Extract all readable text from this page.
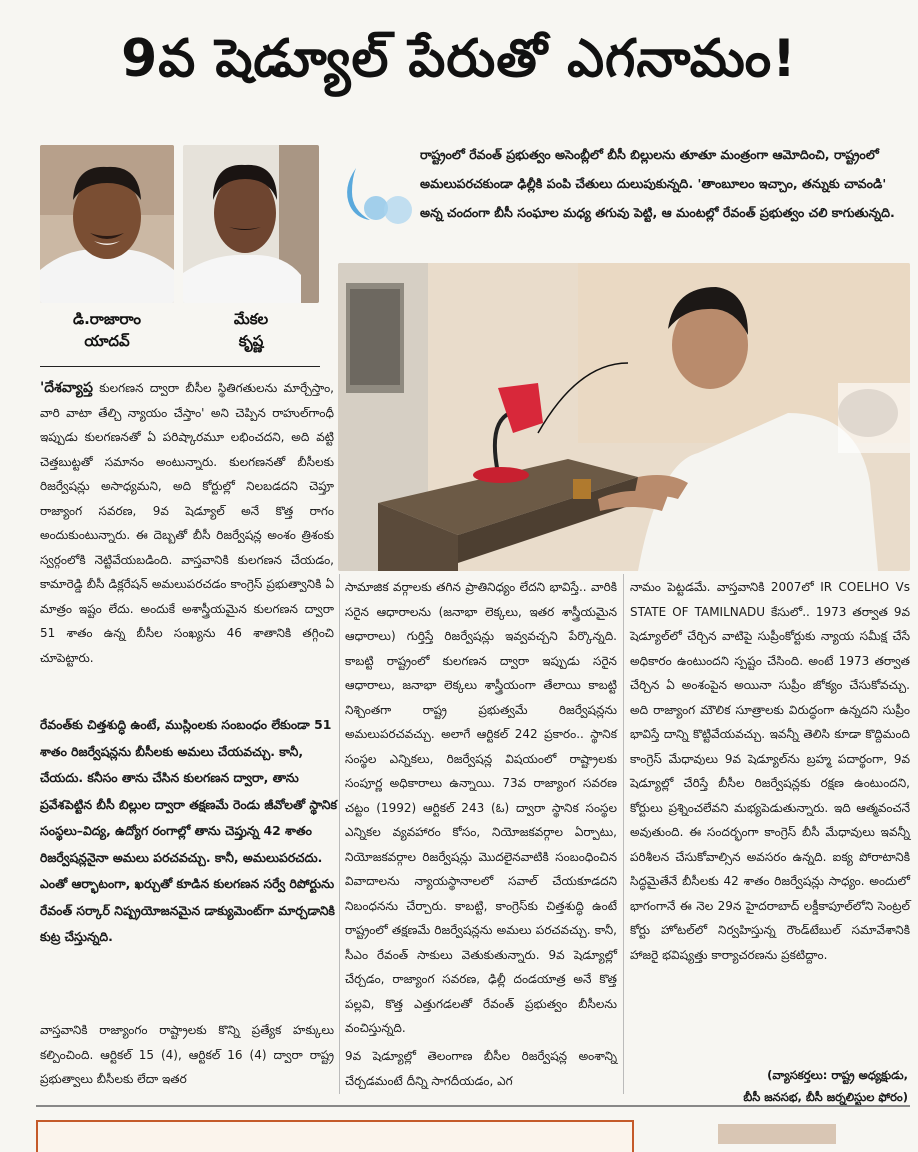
9వ షెడ్యూల్ పేరుతో ఎగనామం!
డి.రాజారాం
యాదవ్
మేకల
కృష్ణ
రాష్ట్రంలో రేవంత్ ప్రభుత్వం అసెంబ్లీలో బీసీ బిల్లులను తూతూ మంత్రంగా ఆమోదించి, రాష్ట్రంలో అమలుపరచకుండా ఢిల్లీకి పంపి చేతులు దులుపుకున్నది. 'తాంబూలం ఇచ్చాం, తన్నుకు చావండి' అన్న చందంగా బీసీ సంఘాల మధ్య తగువు పెట్టి, ఆ మంటల్లో రేవంత్ ప్రభుత్వం చలి కాగుతున్నది.

'దేశవ్యాప్త కులగణన ద్వారా బీసీల స్థితిగతులను మార్చేస్తాం, వారి వాటా తేల్చి న్యాయం చేస్తాం' అని చెప్పిన రాహుల్‌గాంధీ ఇప్పుడు కులగణనతో ఏ పరిష్కారమూ లభించదని, అది వట్టి చెత్తబుట్టతో సమానం అంటున్నారు. కులగణనతో బీసీలకు రిజర్వేషన్లు అసాధ్యమని, అది కోర్టుల్లో నిలబడదని చెప్తూ రాజ్యాంగ సవరణ, 9వ షెడ్యూల్ అనే కొత్త రాగం అందుకుంటున్నారు. ఈ దెబ్బతో బీసీ రిజర్వేషన్ల అంశం త్రిశంకు స్వర్గంలోకి నెట్టివేయబడింది. వాస్తవానికి కులగణన చేయడం, కామారెడ్డి బీసీ డిక్లరేషన్ అమలుపరచడం కాంగ్రెస్ ప్రభుత్వానికి ఏ మాత్రం ఇష్టం లేదు. అందుకే అశాస్త్రీయమైన కులగణన ద్వారా 51 శాతం ఉన్న బీసీల సంఖ్యను 46 శాతానికి తగ్గించి చూపెట్టారు.

రేవంత్‌కు చిత్తశుద్ధి ఉంటే, ముస్లింలకు సంబంధం లేకుండా 51 శాతం రిజర్వేషన్లను బీసీలకు అమలు చేయవచ్చు. కానీ, చేయదు. కనీసం తాను చేసిన కులగణన ద్వారా, తాను ప్రవేశపెట్టిన బీసీ బిల్లుల ద్వారా తక్షణమే రెండు జీవోలతో స్థానిక సంస్థలు–విద్య, ఉద్యోగ రంగాల్లో తాను చెప్తున్న 42 శాతం రిజర్వేషన్లనైనా అమలు పరచవచ్చు. కానీ, అమలుపరచదు. ఎంతో ఆర్భాటంగా, ఖర్చుతో కూడిన కులగణన సర్వే రిపోర్టును రేవంత్ సర్కార్ నిష్ప్రయోజనమైన డాక్యుమెంట్‌గా మార్చడానికి కుట్ర చేస్తున్నది.
వాస్తవానికి రాజ్యాంగం రాష్ట్రాలకు కొన్ని ప్రత్యేక హక్కులు కల్పించింది. ఆర్టికల్ 15 (4), ఆర్టికల్ 16 (4) ద్వారా రాష్ట్ర ప్రభుత్వాలు బీసీలకు లేదా ఇతర
సామాజిక వర్గాలకు తగిన ప్రాతినిధ్యం లేదని భావిస్తే.. వారికి సరైన ఆధారాలను (జనాభా లెక్కలు, ఇతర శాస్త్రీయమైన ఆధారాలు) గుర్తిస్తే రిజర్వేషన్లు ఇవ్వవచ్చని పేర్కొన్నది. కాబట్టి రాష్ట్రంలో కులగణన ద్వారా ఇప్పుడు సరైన ఆధారాలు, జనాభా లెక్కలు శాస్త్రీయంగా తేలాయి కాబట్టి నిశ్చింతగా రాష్ట్ర ప్రభుత్వమే రిజర్వేషన్లను అమలుపరచవచ్చు. అలాగే ఆర్టికల్ 242 ప్రకారం.. స్థానిక సంస్థల ఎన్నికలు, రిజర్వేషన్ల విషయంలో రాష్ట్రాలకు సంపూర్ణ అధికారాలు ఉన్నాయి. 73వ రాజ్యాంగ సవరణ చట్టం (1992) ఆర్టికల్ 243 (ఓ) ద్వారా స్థానిక సంస్థల ఎన్నికల వ్యవహారం కోసం, నియోజకవర్గాల ఏర్పాటు, నియోజకవర్గాల రిజర్వేషన్లు మొదలైనవాటికి సంబంధించిన వివాదాలను న్యాయస్థానాలలో సవాల్ చేయకూడదని నిబంధనను చేర్చారు. కాబట్టి, కాంగ్రెస్‌కు చిత్తశుద్ధి ఉంటే రాష్ట్రంలో తక్షణమే రిజర్వేషన్లను అమలు పరచవచ్చు. కానీ, సీఎం రేవంత్ సాకులు వెతుకుతున్నారు. 9వ షెడ్యూల్లో చేర్చడం, రాజ్యాంగ సవరణ, ఢిల్లీ దండయాత్ర అనే కొత్త పల్లవి, కొత్త ఎత్తుగడలతో రేవంత్ ప్రభుత్వం బీసీలను వంచిస్తున్నది.
9వ షెడ్యూల్లో తెలంగాణ బీసీల రిజర్వేషన్ల అంశాన్ని చేర్చడమంటే దీన్ని సాగదీయడం, ఎగ
నామం పెట్టడమే. వాస్తవానికి 2007లో IR COELHO Vs STATE OF TAMILNADU కేసులో.. 1973 తర్వాత 9వ షెడ్యూల్‌లో చేర్చిన వాటిపై సుప్రీంకోర్టుకు న్యాయ సమీక్ష చేసే అధికారం ఉంటుందని స్పష్టం చేసింది. అంటే 1973 తర్వాత చేర్చిన ఏ అంశంపైన అయినా సుప్రీం జోక్యం చేసుకోవచ్చు. అది రాజ్యాంగ మౌలిక సూత్రాలకు విరుద్ధంగా ఉన్నదని సుప్రీం భావిస్తే దాన్ని కొట్టివేయవచ్చు. ఇవన్నీ తెలిసి కూడా కొద్దిమంది కాంగ్రెస్ మేధావులు 9వ షెడ్యూల్‌ను బ్రహ్మ పదార్థంగా, 9వ షెడ్యూల్లో చేరిస్తే బీసీల రిజర్వేషన్లకు రక్షణ ఉంటుందని, కోర్టులు ప్రశ్నించలేవని మభ్యపెడుతున్నారు. ఇది ఆత్మవంచనే అవుతుంది. ఈ సందర్భంగా కాంగ్రెస్ బీసీ మేధావులు ఇవన్నీ పరిశీలన చేసుకోవాల్సిన అవసరం ఉన్నది. ఐక్య పోరాటానికి సిద్ధమైతేనే బీసీలకు 42 శాతం రిజర్వేషన్లు సాధ్యం. అందులో భాగంగానే ఈ నెల 29న హైదరాబాద్ లక్డీకాపూల్‌లోని సెంట్రల్ కోర్టు హోటల్‌లో నిర్వహిస్తున్న రౌండ్‌టేబుల్ సమావేశానికి హాజరై భవిష్యత్తు కార్యాచరణను ప్రకటిద్దాం.
(వ్యాసకర్తలు: రాష్ట్ర అధ్యక్షుడు,
బీసీ జనసభ, బీసీ జర్నలిస్టుల ఫోరం)
